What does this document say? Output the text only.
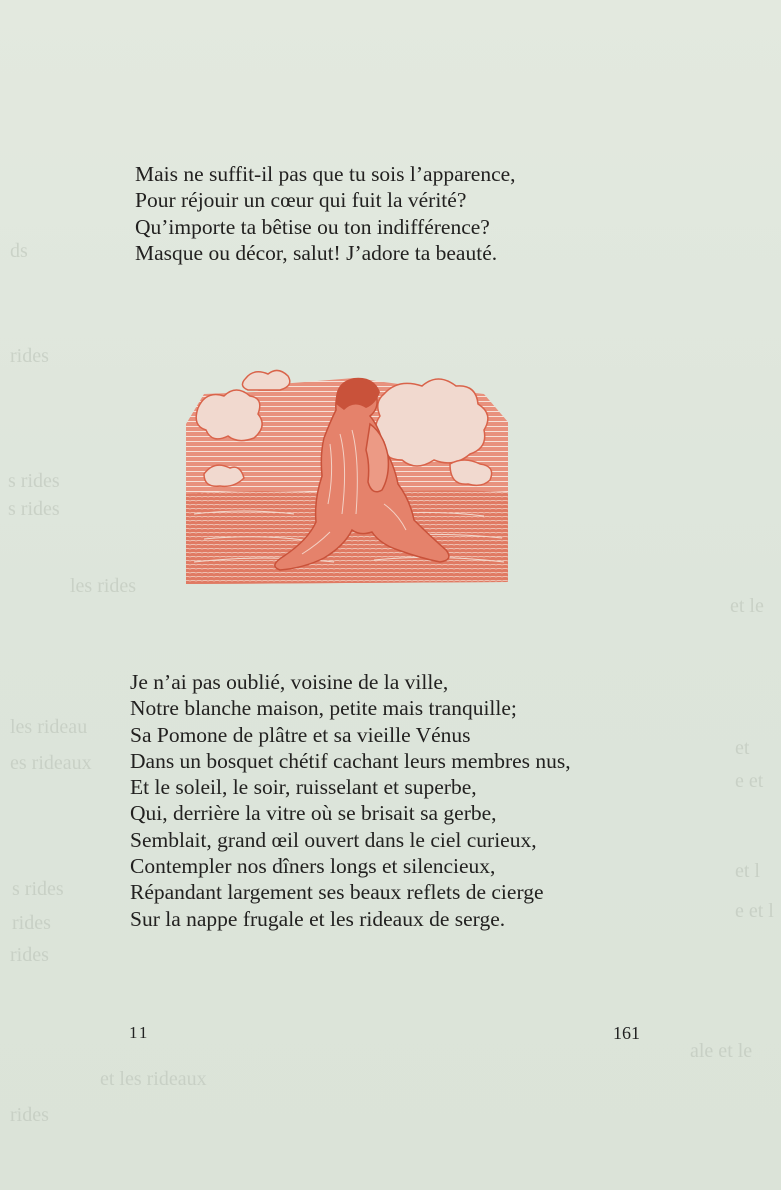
ds
rides
s rides
s rides
les rides
les rideau
es rideaux
s rides
rides
rides
et les rideaux
rides
et le
et
e et
et l
e et l
ale et le
Mais ne suffit-il pas que tu sois l’apparence,
Pour réjouir un cœur qui fuit la vérité?
Qu’importe ta bêtise ou ton indifférence?
Masque ou décor, salut! J’adore ta beauté.
Je n’ai pas oublié, voisine de la ville,
Notre blanche maison, petite mais tranquille;
Sa Pomone de plâtre et sa vieille Vénus
Dans un bosquet chétif cachant leurs membres nus,
Et le soleil, le soir, ruisselant et superbe,
Qui, derrière la vitre où se brisait sa gerbe,
Semblait, grand œil ouvert dans le ciel curieux,
Contempler nos dîners longs et silencieux,
Répandant largement ses beaux reflets de cierge
Sur la nappe frugale et les rideaux de serge.
11	161
